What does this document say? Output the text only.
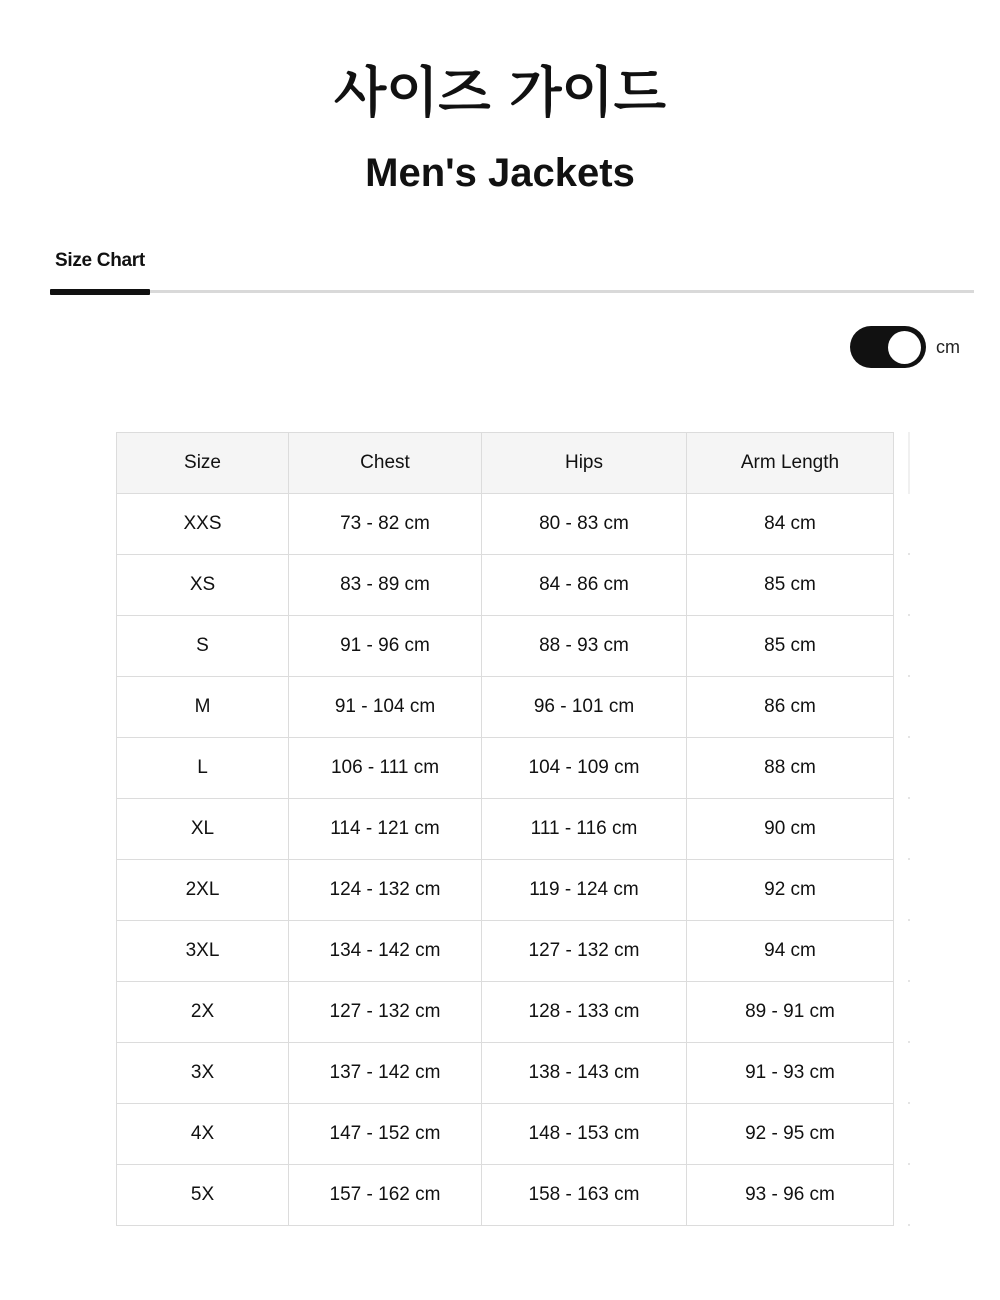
사이즈 가이드
Men's Jackets
Size Chart
cm
Size	Chest	Hips	Arm Length
XXS	73 - 82 cm	80 - 83 cm	84 cm
XS	83 - 89 cm	84 - 86 cm	85 cm
S	91 - 96 cm	88 - 93 cm	85 cm
M	91 - 104 cm	96 - 101 cm	86 cm
L	106 - 111 cm	104 - 109 cm	88 cm
XL	114 - 121 cm	111 - 116 cm	90 cm
2XL	124 - 132 cm	119 - 124 cm	92 cm
3XL	134 - 142 cm	127 - 132 cm	94 cm
2X	127 - 132 cm	128 - 133 cm	89 - 91 cm
3X	137 - 142 cm	138 - 143 cm	91 - 93 cm
4X	147 - 152 cm	148 - 153 cm	92 - 95 cm
5X	157 - 162 cm	158 - 163 cm	93 - 96 cm
